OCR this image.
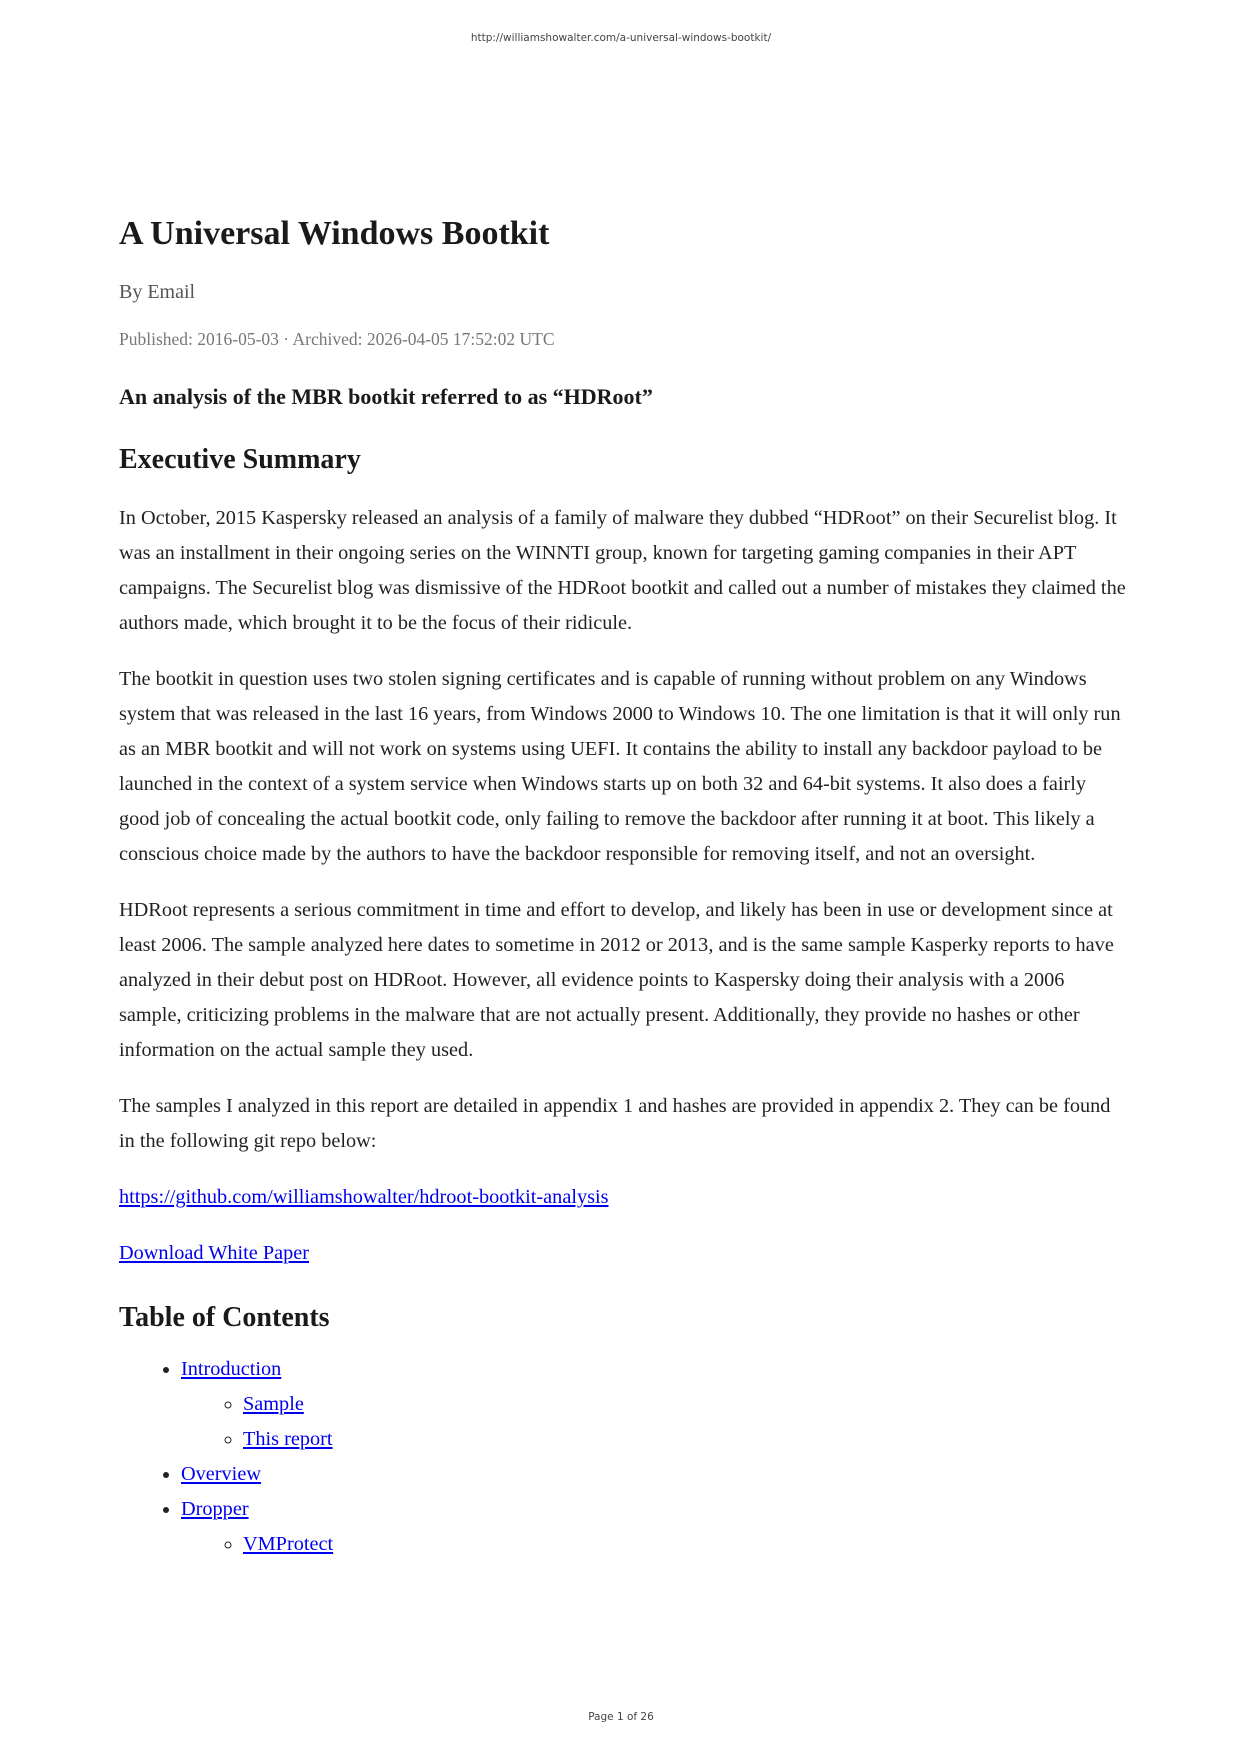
http://williamshowalter.com/a-universal-windows-bootkit/
A Universal Windows Bootkit
By Email
Published: 2016-05-03 · Archived: 2026-04-05 17:52:02 UTC
An analysis of the MBR bootkit referred to as “HDRoot”
Executive Summary

In October, 2015 Kaspersky released an analysis of a family of malware they dubbed “HDRoot” on their Securelist blog. It was an installment in their ongoing series on the WINNTI group, known for targeting gaming companies in their APT campaigns. The Securelist blog was dismissive of the HDRoot bootkit and called out a number of mistakes they claimed the authors made, which brought it to be the focus of their ridicule.

The bootkit in question uses two stolen signing certificates and is capable of running without problem on any Windows system that was released in the last 16 years, from Windows 2000 to Windows 10. The one limitation is that it will only run as an MBR bootkit and will not work on systems using UEFI. It contains the ability to install any backdoor payload to be launched in the context of a system service when Windows starts up on both 32 and 64-bit systems. It also does a fairly good job of concealing the actual bootkit code, only failing to remove the backdoor after running it at boot. This likely a conscious choice made by the authors to have the backdoor responsible for removing itself, and not an oversight.

HDRoot represents a serious commitment in time and effort to develop, and likely has been in use or development since at least 2006. The sample analyzed here dates to sometime in 2012 or 2013, and is the same sample Kasperky reports to have analyzed in their debut post on HDRoot. However, all evidence points to Kaspersky doing their analysis with a 2006 sample, criticizing problems in the malware that are not actually present. Additionally, they provide no hashes or other information on the actual sample they used.

The samples I analyzed in this report are detailed in appendix 1 and hashes are provided in appendix 2. They can be found in the following git repo below:

https://github.com/williamshowalter/hdroot-bootkit-analysis

Download White Paper

Table of Contents
• Introduction
◦ Sample
◦ This report
• Overview
• Dropper
◦ VMProtect
Page 1 of 26
